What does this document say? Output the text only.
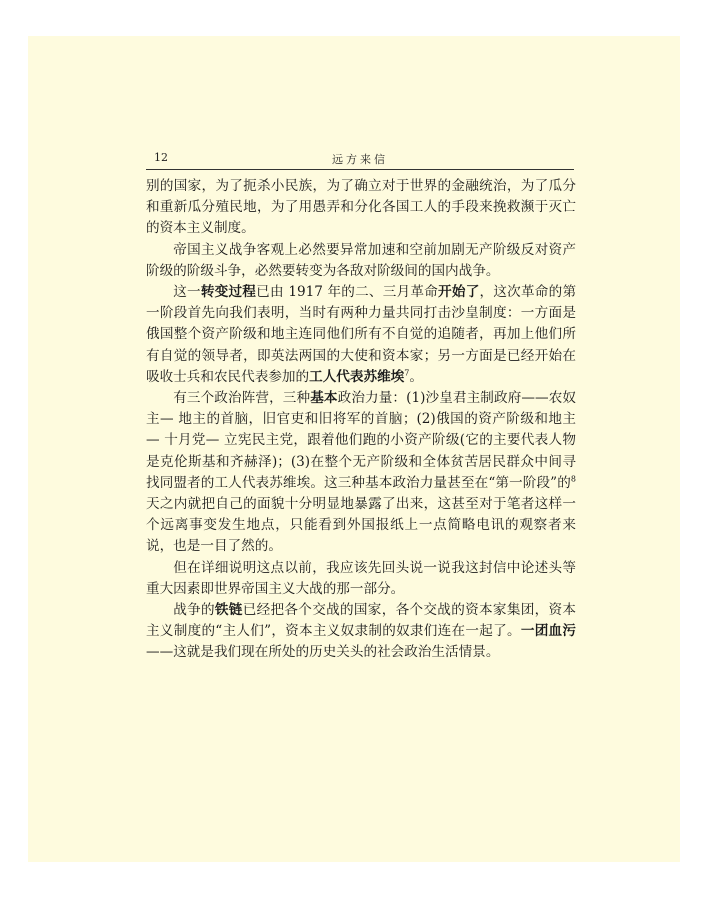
12	远方来信

别的国家，为了扼杀小民族，为了确立对于世界的金融统治，为了瓜分和重新瓜分殖民地，为了用愚弄和分化各国工人的手段来挽救濒于灭亡的资本主义制度。

帝国主义战争客观上必然要异常加速和空前加剧无产阶级反对资产阶级的阶级斗争，必然要转变为各敌对阶级间的国内战争。

这一转变过程已由 1917 年的二、三月革命开始了，这次革命的第一阶段首先向我们表明，当时有两种力量共同打击沙皇制度：一方面是俄国整个资产阶级和地主连同他们所有不自觉的追随者，再加上他们所有自觉的领导者，即英法两国的大使和资本家；另一方面是已经开始在吸收士兵和农民代表参加的工人代表苏维埃$^7$。

有三个政治阵营，三种基本政治力量：(1)沙皇君主制政府——农奴主— 地主的首脑，旧官吏和旧将军的首脑；(2)俄国的资产阶级和地主— 十月党— 立宪民主党，跟着他们跑的小资产阶级(它的主要代表人物是克伦斯基和齐赫泽)；(3)在整个无产阶级和全体贫苦居民群众中间寻找同盟者的工人代表苏维埃。这三种基本政治力量甚至在“第一阶段”的$^8$天之内就把自己的面貌十分明显地暴露了出来，这甚至对于笔者这样一个远离事变发生地点，只能看到外国报纸上一点简略电讯的观察者来说，也是一目了然的。

但在详细说明这点以前，我应该先回头说一说我这封信中论述头等重大因素即世界帝国主义大战的那一部分。

战争的铁链已经把各个交战的国家，各个交战的资本家集团，资本主义制度的“主人们”，资本主义奴隶制的奴隶们连在一起了。一团血污——这就是我们现在所处的历史关头的社会政治生活情景。
